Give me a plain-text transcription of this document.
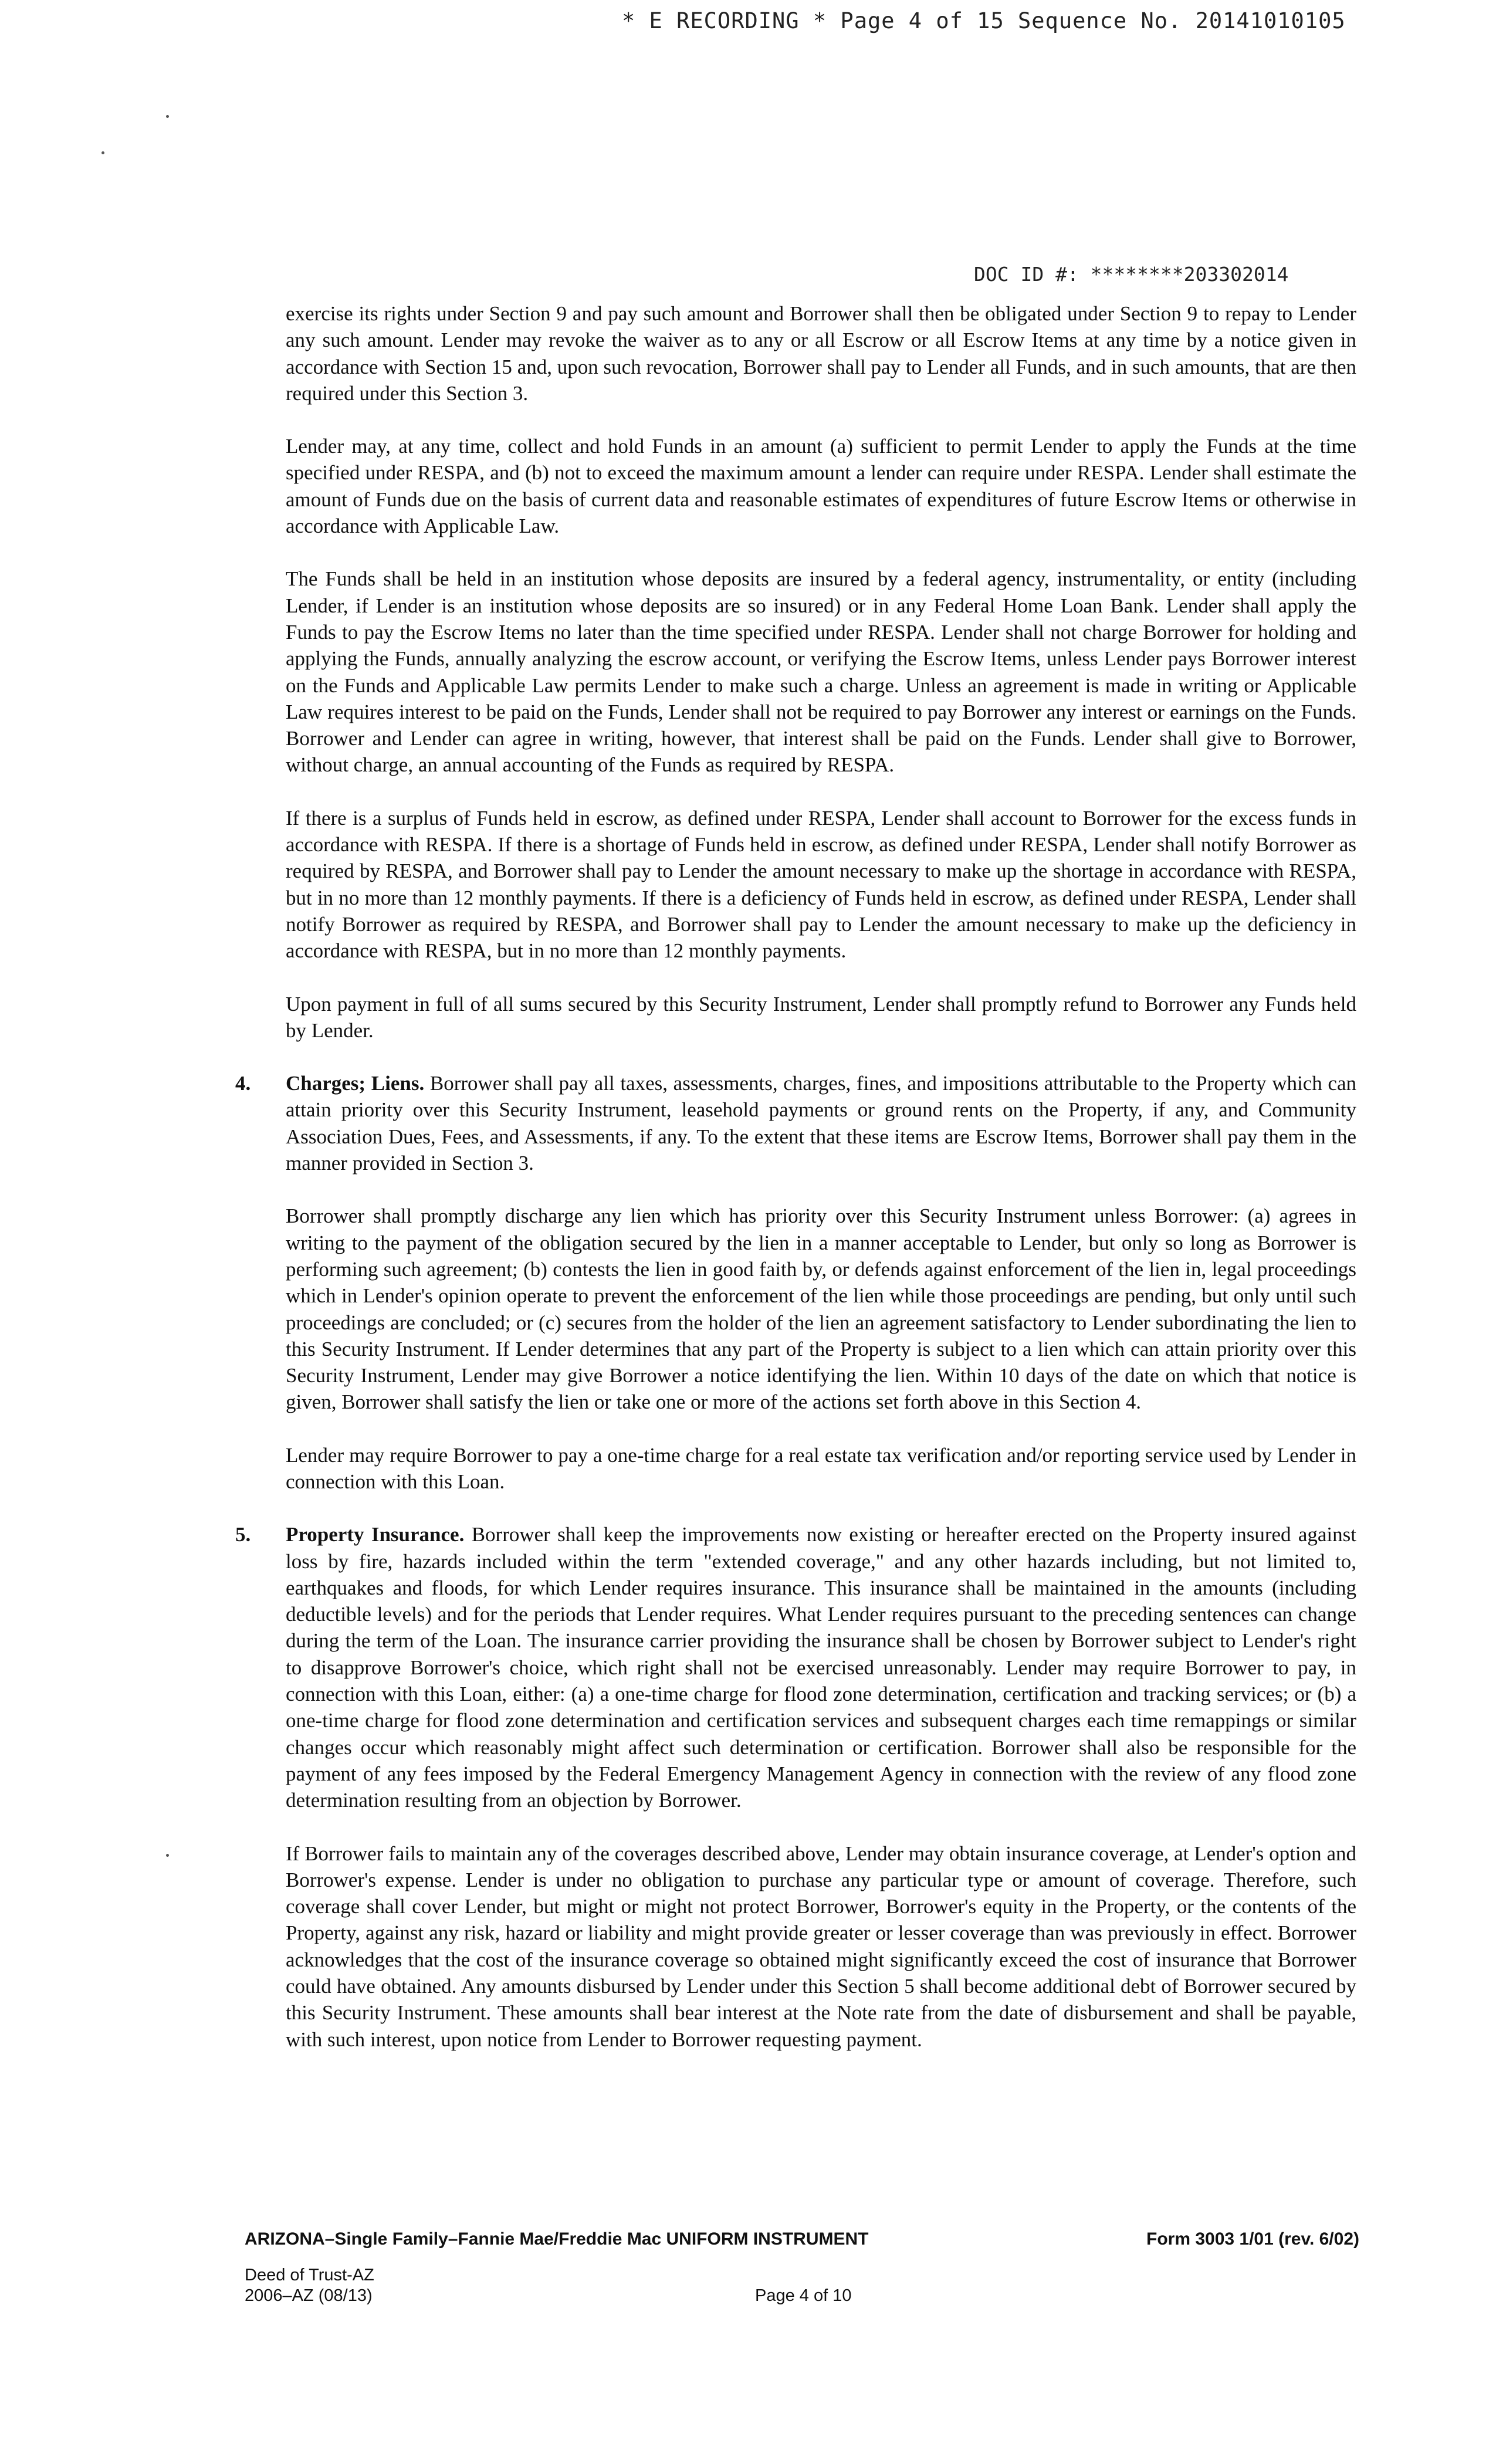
* E RECORDING * Page 4 of 15 Sequence No. 20141010105
DOC ID #: ********203302014

exercise its rights under Section 9 and pay such amount and Borrower shall then be obligated under Section 9 to repay to Lender any such amount. Lender may revoke the waiver as to any or all Escrow or all Escrow Items at any time by a notice given in accordance with Section 15 and, upon such revocation, Borrower shall pay to Lender all Funds, and in such amounts, that are then required under this Section 3.

Lender may, at any time, collect and hold Funds in an amount (a) sufficient to permit Lender to apply the Funds at the time specified under RESPA, and (b) not to exceed the maximum amount a lender can require under RESPA. Lender shall estimate the amount of Funds due on the basis of current data and reasonable estimates of expenditures of future Escrow Items or otherwise in accordance with Applicable Law.

The Funds shall be held in an institution whose deposits are insured by a federal agency, instrumentality, or entity (including Lender, if Lender is an institution whose deposits are so insured) or in any Federal Home Loan Bank. Lender shall apply the Funds to pay the Escrow Items no later than the time specified under RESPA. Lender shall not charge Borrower for holding and applying the Funds, annually analyzing the escrow account, or verifying the Escrow Items, unless Lender pays Borrower interest on the Funds and Applicable Law permits Lender to make such a charge. Unless an agreement is made in writing or Applicable Law requires interest to be paid on the Funds, Lender shall not be required to pay Borrower any interest or earnings on the Funds. Borrower and Lender can agree in writing, however, that interest shall be paid on the Funds. Lender shall give to Borrower, without charge, an annual accounting of the Funds as required by RESPA.

If there is a surplus of Funds held in escrow, as defined under RESPA, Lender shall account to Borrower for the excess funds in accordance with RESPA. If there is a shortage of Funds held in escrow, as defined under RESPA, Lender shall notify Borrower as required by RESPA, and Borrower shall pay to Lender the amount necessary to make up the shortage in accordance with RESPA, but in no more than 12 monthly payments. If there is a deficiency of Funds held in escrow, as defined under RESPA, Lender shall notify Borrower as required by RESPA, and Borrower shall pay to Lender the amount necessary to make up the deficiency in accordance with RESPA, but in no more than 12 monthly payments.

Upon payment in full of all sums secured by this Security Instrument, Lender shall promptly refund to Borrower any Funds held by Lender.

4. Charges; Liens. Borrower shall pay all taxes, assessments, charges, fines, and impositions attributable to the Property which can attain priority over this Security Instrument, leasehold payments or ground rents on the Property, if any, and Community Association Dues, Fees, and Assessments, if any. To the extent that these items are Escrow Items, Borrower shall pay them in the manner provided in Section 3.

Borrower shall promptly discharge any lien which has priority over this Security Instrument unless Borrower: (a) agrees in writing to the payment of the obligation secured by the lien in a manner acceptable to Lender, but only so long as Borrower is performing such agreement; (b) contests the lien in good faith by, or defends against enforcement of the lien in, legal proceedings which in Lender's opinion operate to prevent the enforcement of the lien while those proceedings are pending, but only until such proceedings are concluded; or (c) secures from the holder of the lien an agreement satisfactory to Lender subordinating the lien to this Security Instrument. If Lender determines that any part of the Property is subject to a lien which can attain priority over this Security Instrument, Lender may give Borrower a notice identifying the lien. Within 10 days of the date on which that notice is given, Borrower shall satisfy the lien or take one or more of the actions set forth above in this Section 4.

Lender may require Borrower to pay a one-time charge for a real estate tax verification and/or reporting service used by Lender in connection with this Loan.

5. Property Insurance. Borrower shall keep the improvements now existing or hereafter erected on the Property insured against loss by fire, hazards included within the term "extended coverage," and any other hazards including, but not limited to, earthquakes and floods, for which Lender requires insurance. This insurance shall be maintained in the amounts (including deductible levels) and for the periods that Lender requires. What Lender requires pursuant to the preceding sentences can change during the term of the Loan. The insurance carrier providing the insurance shall be chosen by Borrower subject to Lender's right to disapprove Borrower's choice, which right shall not be exercised unreasonably. Lender may require Borrower to pay, in connection with this Loan, either: (a) a one-time charge for flood zone determination, certification and tracking services; or (b) a one-time charge for flood zone determination and certification services and subsequent charges each time remappings or similar changes occur which reasonably might affect such determination or certification. Borrower shall also be responsible for the payment of any fees imposed by the Federal Emergency Management Agency in connection with the review of any flood zone determination resulting from an objection by Borrower.

If Borrower fails to maintain any of the coverages described above, Lender may obtain insurance coverage, at Lender's option and Borrower's expense. Lender is under no obligation to purchase any particular type or amount of coverage. Therefore, such coverage shall cover Lender, but might or might not protect Borrower, Borrower's equity in the Property, or the contents of the Property, against any risk, hazard or liability and might provide greater or lesser coverage than was previously in effect. Borrower acknowledges that the cost of the insurance coverage so obtained might significantly exceed the cost of insurance that Borrower could have obtained. Any amounts disbursed by Lender under this Section 5 shall become additional debt of Borrower secured by this Security Instrument. These amounts shall bear interest at the Note rate from the date of disbursement and shall be payable, with such interest, upon notice from Lender to Borrower requesting payment.

ARIZONA–Single Family–Fannie Mae/Freddie Mac UNIFORM INSTRUMENT	Form 3003 1/01 (rev. 6/02)
Deed of Trust-AZ
2006–AZ (08/13)	Page 4 of 10
